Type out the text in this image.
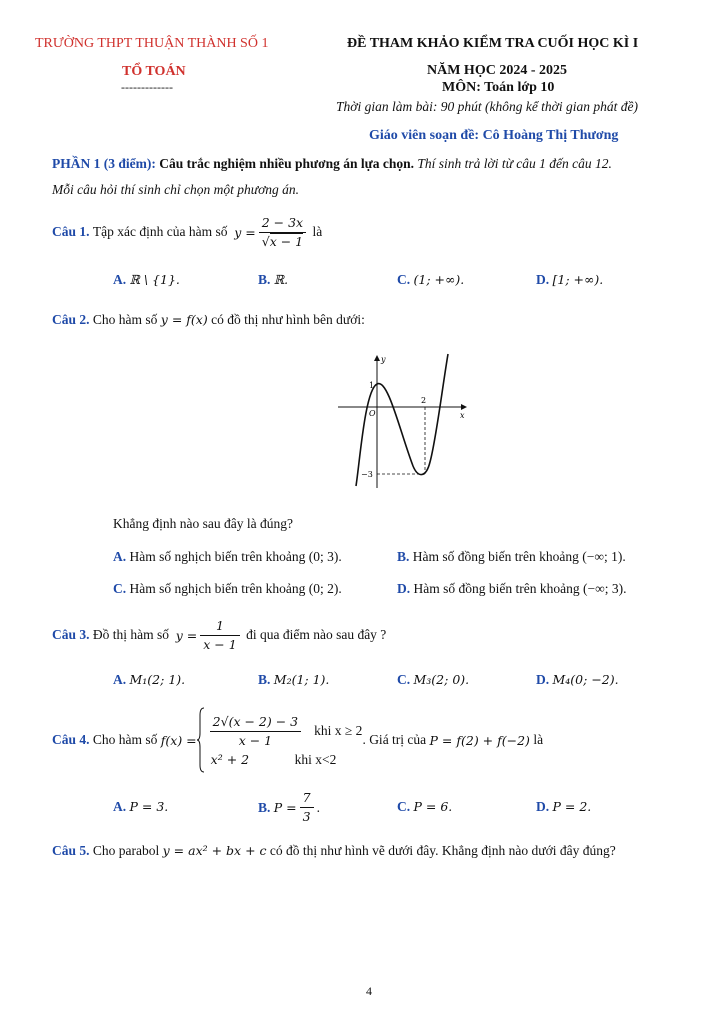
TRƯỜNG THPT THUẬN THÀNH SỐ 1
TỔ TOÁN
-------------
ĐỀ THAM KHẢO KIỂM TRA CUỐI HỌC KÌ I
NĂM HỌC 2024 - 2025
MÔN: Toán lớp 10
Thời gian làm bài: 90 phút (không kể thời gian phát đề)
Giáo viên soạn đề: Cô Hoàng Thị Thương
PHẦN 1 (3 điểm): Câu trắc nghiệm nhiều phương án lựa chọn. Thí sinh trả lời từ câu 1 đến câu 12.
Mỗi câu hỏi thí sinh chỉ chọn một phương án.
Câu 1.
Tập xác định của hàm số
$y = \frac{2 - 3x}{√x - 1}$
là
A. ℝ \ {1}.	B. ℝ.	C. (1; +∞).	D. [1; +∞).
Câu 2. Cho hàm số y = f(x) có đồ thị như hình bên dưới:
y
x
1
O
2
−3
Khẳng định nào sau đây là đúng?
A. Hàm số nghịch biến trên khoảng (0; 3).	B. Hàm số đồng biến trên khoảng (−∞; 1).
C. Hàm số nghịch biến trên khoảng (0; 2).	D. Hàm số đồng biến trên khoảng (−∞; 3).
Câu 3.
Đồ thị hàm số
$y = \frac{1}{x - 1}$
đi qua điểm nào sau đây ?
A. M₁(2; 1).	B. M₂(1; 1).	C. M₃(2; 0).	D. M₄(0; −2).
Câu 4.
Cho hàm số
$f(x) = \frac{2√(x - 2) - 3}{x - 1}$ khi x ≥ 2
x² + 2	khi x<2
. Giá trị của
P = f(2) + f(−2)
là
A. P = 3.	B.
$P = \frac{7}{3}$ .	C. P = 6.	D. P = 2.
Câu 5. Cho parabol y = ax² + bx + c có đồ thị như hình vẽ dưới đây. Khẳng định nào dưới đây đúng?
4
